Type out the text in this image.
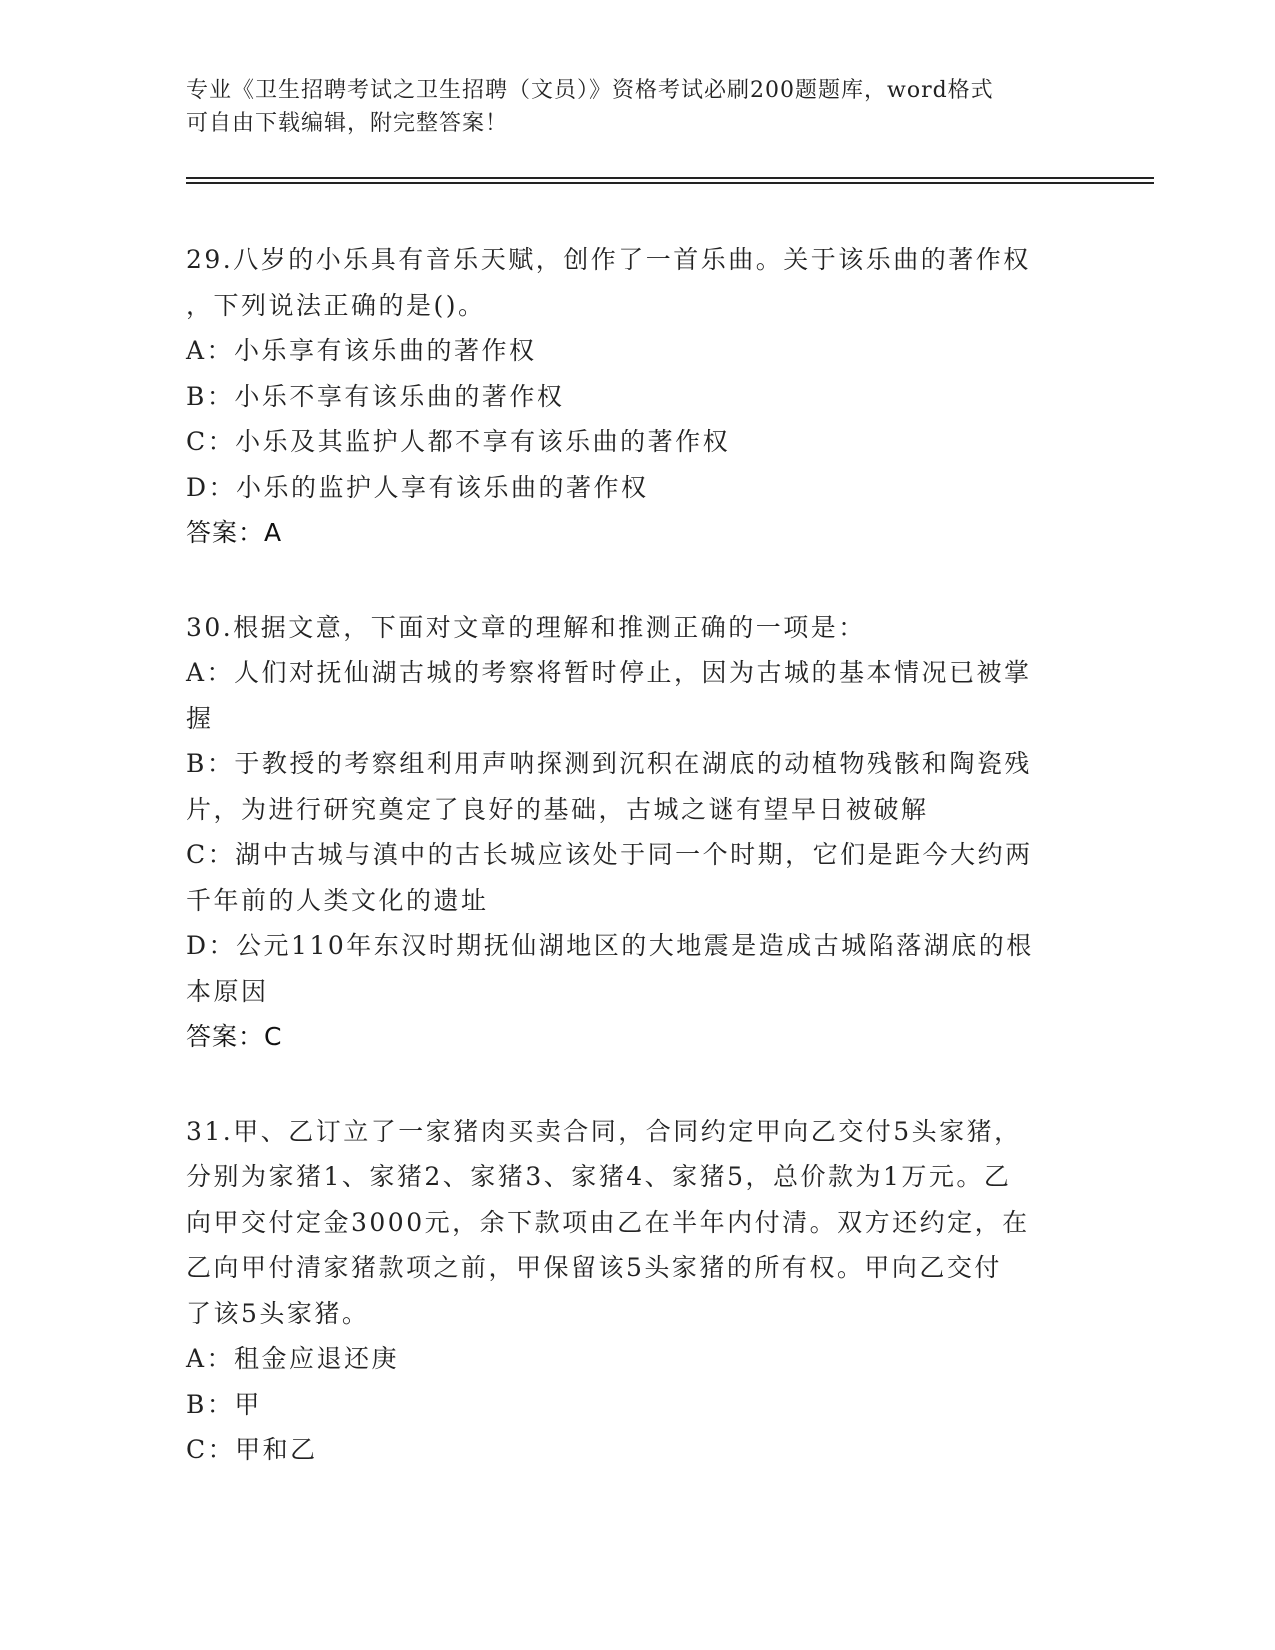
专业《卫生招聘考试之卫生招聘（文员）》资格考试必刷200题题库，word格式
可自由下载编辑，附完整答案！
29.八岁的小乐具有音乐天赋，创作了一首乐曲。关于该乐曲的著作权
，下列说法正确的是()。
A：小乐享有该乐曲的著作权
B：小乐不享有该乐曲的著作权
C：小乐及其监护人都不享有该乐曲的著作权
D：小乐的监护人享有该乐曲的著作权
答案：A
30.根据文意，下面对文章的理解和推测正确的一项是：
A：人们对抚仙湖古城的考察将暂时停止，因为古城的基本情况已被掌
握
B：于教授的考察组利用声呐探测到沉积在湖底的动植物残骸和陶瓷残
片，为进行研究奠定了良好的基础，古城之谜有望早日被破解
C：湖中古城与滇中的古长城应该处于同一个时期，它们是距今大约两
千年前的人类文化的遗址
D：公元110年东汉时期抚仙湖地区的大地震是造成古城陷落湖底的根
本原因
答案：C
31.甲、乙订立了一家猪肉买卖合同，合同约定甲向乙交付5头家猪，
分别为家猪1、家猪2、家猪3、家猪4、家猪5，总价款为1万元。乙
向甲交付定金3000元，余下款项由乙在半年内付清。双方还约定，在
乙向甲付清家猪款项之前，甲保留该5头家猪的所有权。甲向乙交付
了该5头家猪。
A：租金应退还庚
B：甲
C：甲和乙
